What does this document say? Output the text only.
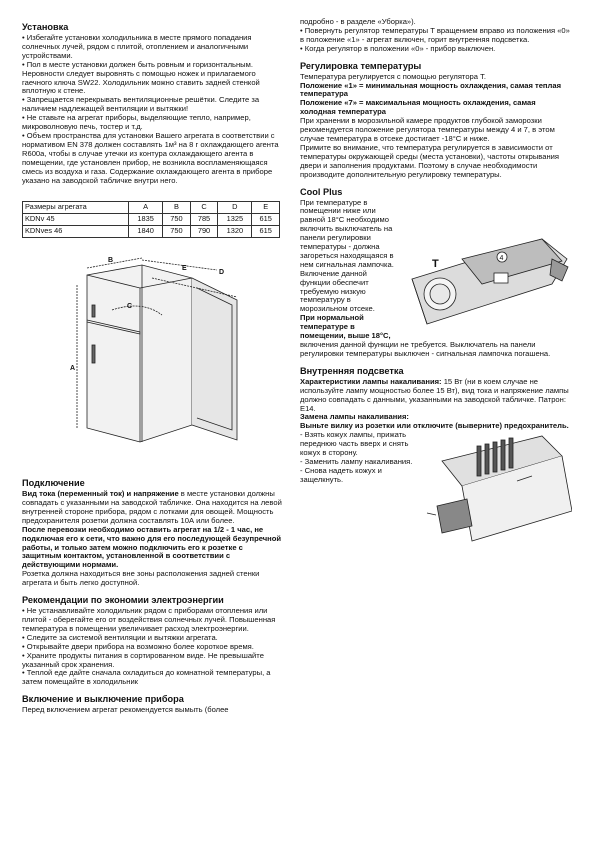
Установка

• Избегайте установки холодильника в месте прямого попадания солнечных лучей, рядом с плитой, отоплением и аналогичными устройствами.

• Пол в месте установки должен быть ровным и горизонтальным. Неровности следует выровнять с помощью ножек и прилагаемого гаечного ключа SW22. Холодильник можно ставить задней стенкой вплотную к стене.

• Запрещается перекрывать вентиляционные решётки. Следите за наличием надлежащей вентиляции и вытяжки!

• Не ставьте на агрегат приборы, выделяющие тепло, например, микроволновую печь, тостер и т.д.

• Объем пространства для установки Вашего агрегата в соответствии с нормативом EN 378 должен составлять 1м³ на 8 г охлаждающего агента R600a, чтобы в случае утечки из контура охлаждающего агента в помещении, где установлен прибор, не возникла воспламеняющаяся смесь из воздуха и газа. Содержание охлаждающего агента в приборе указано на заводской табличке внутри него.

Размеры агрегата	A	B	C	D	E
KDNv 45	1835	750	785	1325	615
KDNves 46	1840	750	790	1320	615
A
B
C
D
E
Подключение

Вид тока (переменный ток) и напряжение в месте установки должны совпадать с указанными на заводской табличке. Она находится на левой внутренней стороне прибора, рядом с лотками для овощей. Мощность предохранителя розетки должна составлять 10А или более.

После перевозки необходимо оставить агрегат на 1/2 - 1 час, не подключая его к сети, что важно для его последующей безупречной работы, и только затем можно подключить его к розетке с защитным контактом, установленной в соответствии с действующими нормами.

Розетка должна находиться вне зоны расположения задней стенки агрегата и быть легко доступной.

Рекомендации по экономии электроэнергии

• Не устанавливайте холодильник рядом с приборами отопления или плитой - оберегайте его от воздействия солнечных лучей. Повышенная температура в помещении увеличивает расход электроэнергии.

• Следите за системой вентиляции и вытяжки агрегата.

• Открывайте двери прибора на возможно более короткое время.

• Храните продукты питания в сортированном виде. Не превышайте указанный срок хранения.

• Теплой еде дайте сначала охладиться до комнатной температуры, а затем помещайте в холодильник

Включение и выключение прибора

Перед включением агрегат рекомендуется вымыть (более

подробно - в разделе «Уборка»).

• Повернуть регулятор температуры T вращением вправо из положения «0» в положение «1» - агрегат включен, горит внутренняя подсветка.

• Когда регулятор в положении «0» - прибор выключен.

Регулировка температуры

Температура регулируется с помощью регулятора T.

Положение «1» = минимальная мощность охлаждения, самая теплая температура

Положение «7» = максимальная мощность охлаждения, самая холодная температура

При хранении в морозильной камере продуктов глубокой заморозки рекомендуется положение регулятора температуры между 4 и 7, в этом случае температура в отсеке достигает -18°C и ниже.

Примите во внимание, что температура регулируется в зависимости от температуры окружающей среды (места установки), частоты открывания двери и заполнения продуктами. Поэтому в случае необходимости производите дополнительную регулировку температуры.

Cool Plus
T	4

При температуре в помещении ниже или равной 18°C необходимо включить выключатель на панели регулировки температуры - должна загореться находящаяся в нем сигнальная лампочка. Включение данной функции обеспечит требуемую низкую температуру в морозильном отсеке.

При нормальной температуре в помещении, выше 18°C, включения данной функции не требуется. Выключатель на панели регулировки температуры выключен - сигнальная лампочка погашена.

Внутренняя подсветка

Характеристики лампы накаливания: 15 Вт (ни в коем случае не используйте лампу мощностью более 15 Вт), вид тока и напряжение лампы должно совпадать с данными, указанными на заводской табличке. Патрон: Е14.

Замена лампы накаливания:

Выньте вилку из розетки или отключите (выверните) предохранитель.

- Взять кожух лампы, прижать переднюю часть вверх и снять кожух в сторону.

- Заменить лампу накаливания.

- Снова надеть кожух и защелкнуть.
